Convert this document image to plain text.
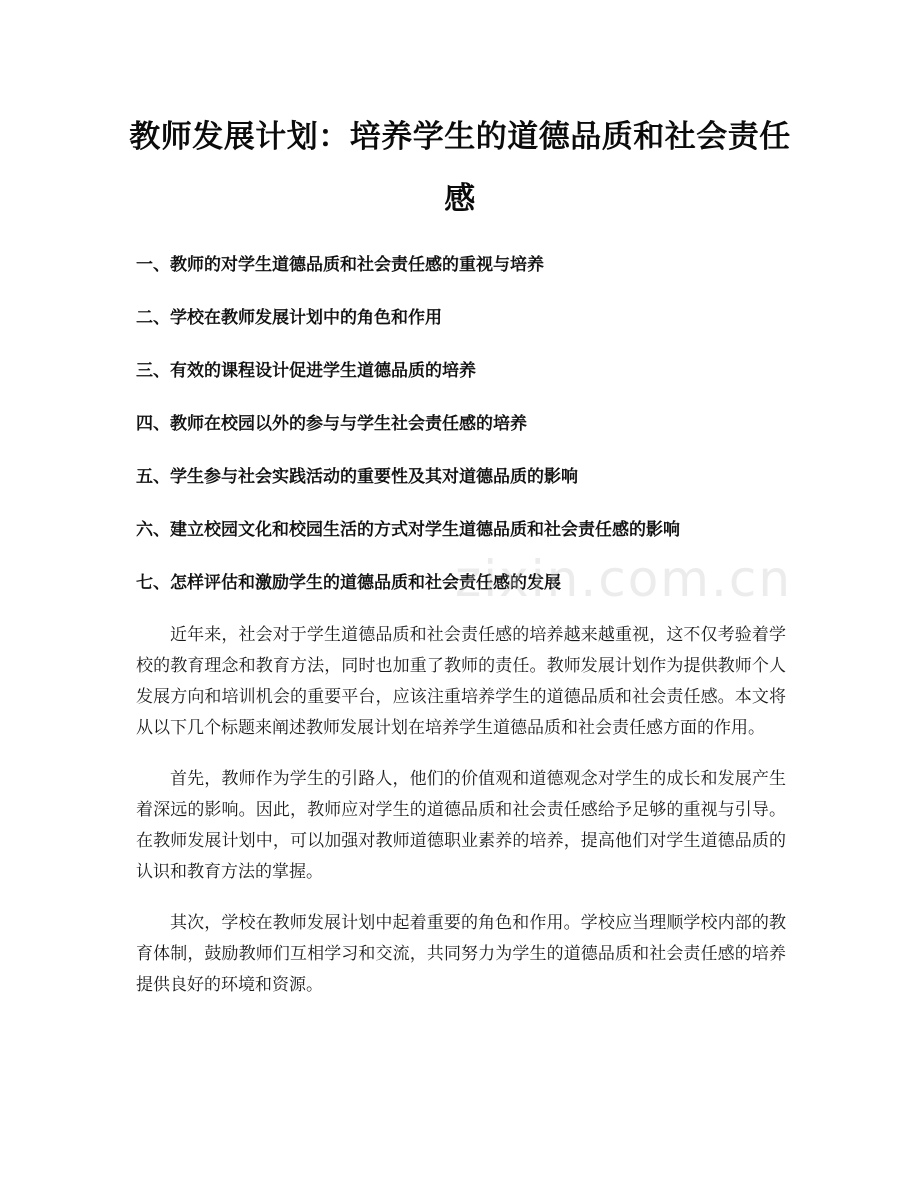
教师发展计划：培养学生的道德品质和社会责任感
一、教师的对学生道德品质和社会责任感的重视与培养
二、学校在教师发展计划中的角色和作用
三、有效的课程设计促进学生道德品质的培养
四、教师在校园以外的参与与学生社会责任感的培养
五、学生参与社会实践活动的重要性及其对道德品质的影响
六、建立校园文化和校园生活的方式对学生道德品质和社会责任感的影响
七、怎样评估和激励学生的道德品质和社会责任感的发展

近年来，社会对于学生道德品质和社会责任感的培养越来越重视，这不仅考验着学校的教育理念和教育方法，同时也加重了教师的责任。教师发展计划作为提供教师个人发展方向和培训机会的重要平台，应该注重培养学生的道德品质和社会责任感。本文将从以下几个标题来阐述教师发展计划在培养学生道德品质和社会责任感方面的作用。

首先，教师作为学生的引路人，他们的价值观和道德观念对学生的成长和发展产生着深远的影响。因此，教师应对学生的道德品质和社会责任感给予足够的重视与引导。在教师发展计划中，可以加强对教师道德职业素养的培养，提高他们对学生道德品质的认识和教育方法的掌握。

其次，学校在教师发展计划中起着重要的角色和作用。学校应当理顺学校内部的教育体制，鼓励教师们互相学习和交流，共同努力为学生的道德品质和社会责任感的培养提供良好的环境和资源。

zixin.com.cn
